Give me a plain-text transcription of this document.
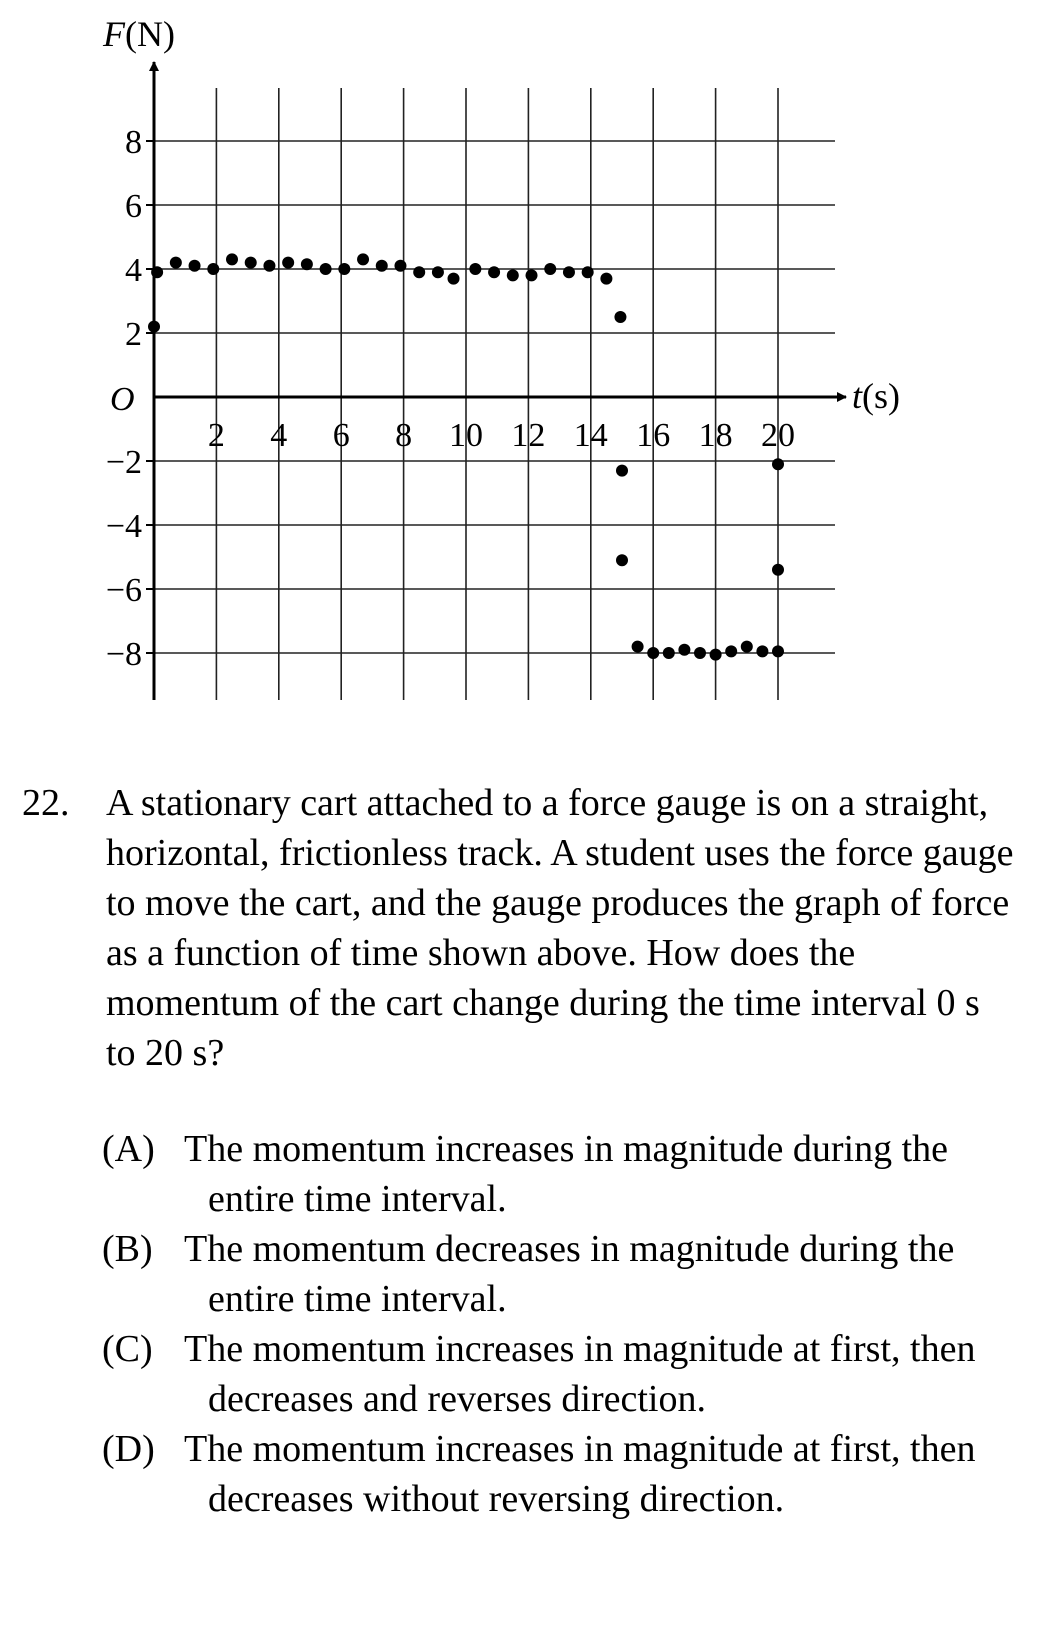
2 4 6 8 10 12 14 16 18 20
−8
−6
−4
−2
2
4
6
8
F(N)
t(s)
O
22. A stationary cart attached to a force gauge is on a straight, horizontal, frictionless track. A student uses the force gauge to move the cart, and the gauge produces the graph of force as a function of time shown above. How does the momentum of the cart change during the time interval 0 s to 20 s?
(A) The momentum increases in magnitude during the entire time interval.
(B) The momentum decreases in magnitude during the entire time interval.
(C) The momentum increases in magnitude at first, then decreases and reverses direction.
(D) The momentum increases in magnitude at first, then decreases without reversing direction.
